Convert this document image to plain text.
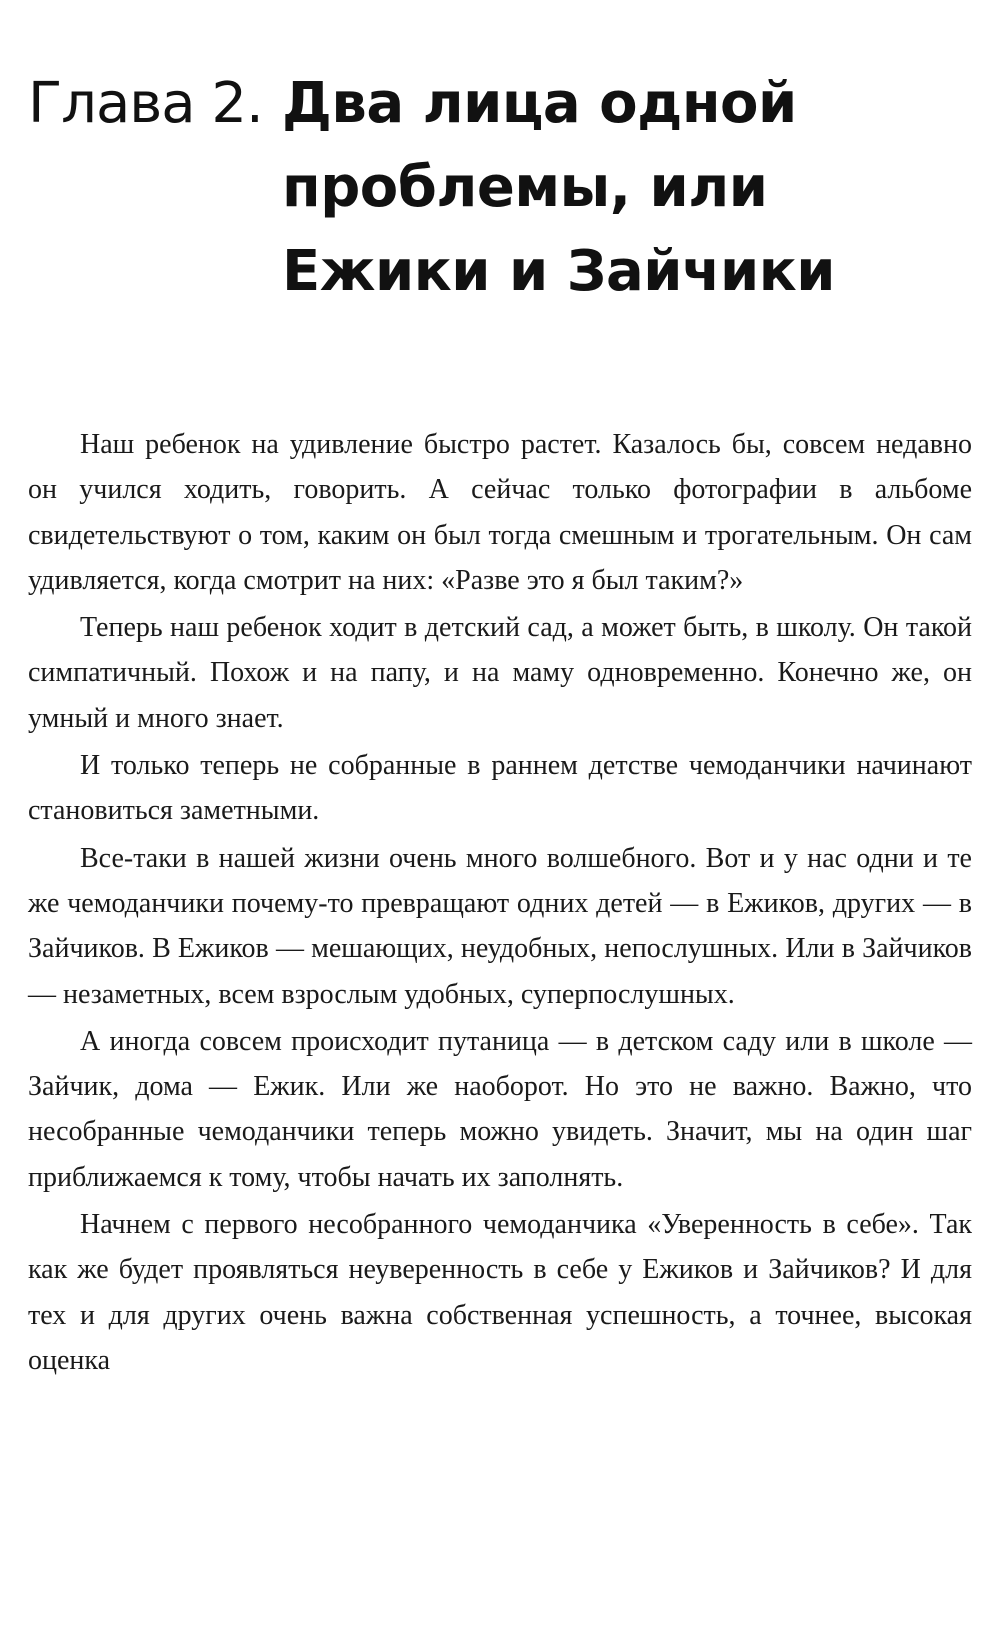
Глава 2. Два лица одной
проблемы, или
Ежики и Зайчики

Наш ребенок на удивление быстро растет. Казалось бы, совсем недавно он учился ходить, говорить. А сейчас только фотографии в альбоме свидетельствуют о том, каким он был тогда смешным и трогательным. Он сам удивляется, когда смотрит на них: «Разве это я был таким?»

Теперь наш ребенок ходит в детский сад, а может быть, в школу. Он такой симпатичный. Похож и на папу, и на маму одновременно. Конечно же, он умный и много знает.

И только теперь не собранные в раннем детстве чемоданчики начинают становиться заметными.

Все-таки в нашей жизни очень много волшебного. Вот и у нас одни и те же чемоданчики почему-то превращают одних детей — в Ежиков, других — в Зайчиков. В Ежиков — мешающих, неудобных, непослушных. Или в Зайчиков — незаметных, всем взрослым удобных, суперпослушных.

А иногда совсем происходит путаница — в детском саду или в школе — Зайчик, дома — Ежик. Или же наоборот. Но это не важно. Важно, что несобранные чемоданчики теперь можно увидеть. Значит, мы на один шаг приближаемся к тому, чтобы начать их заполнять.

Начнем с первого несобранного чемоданчика «Уверенность в себе». Так как же будет проявляться неуверенность в себе у Ежиков и Зайчиков? И для тех и для других очень важна собственная успешность, а точнее, высокая оценка
